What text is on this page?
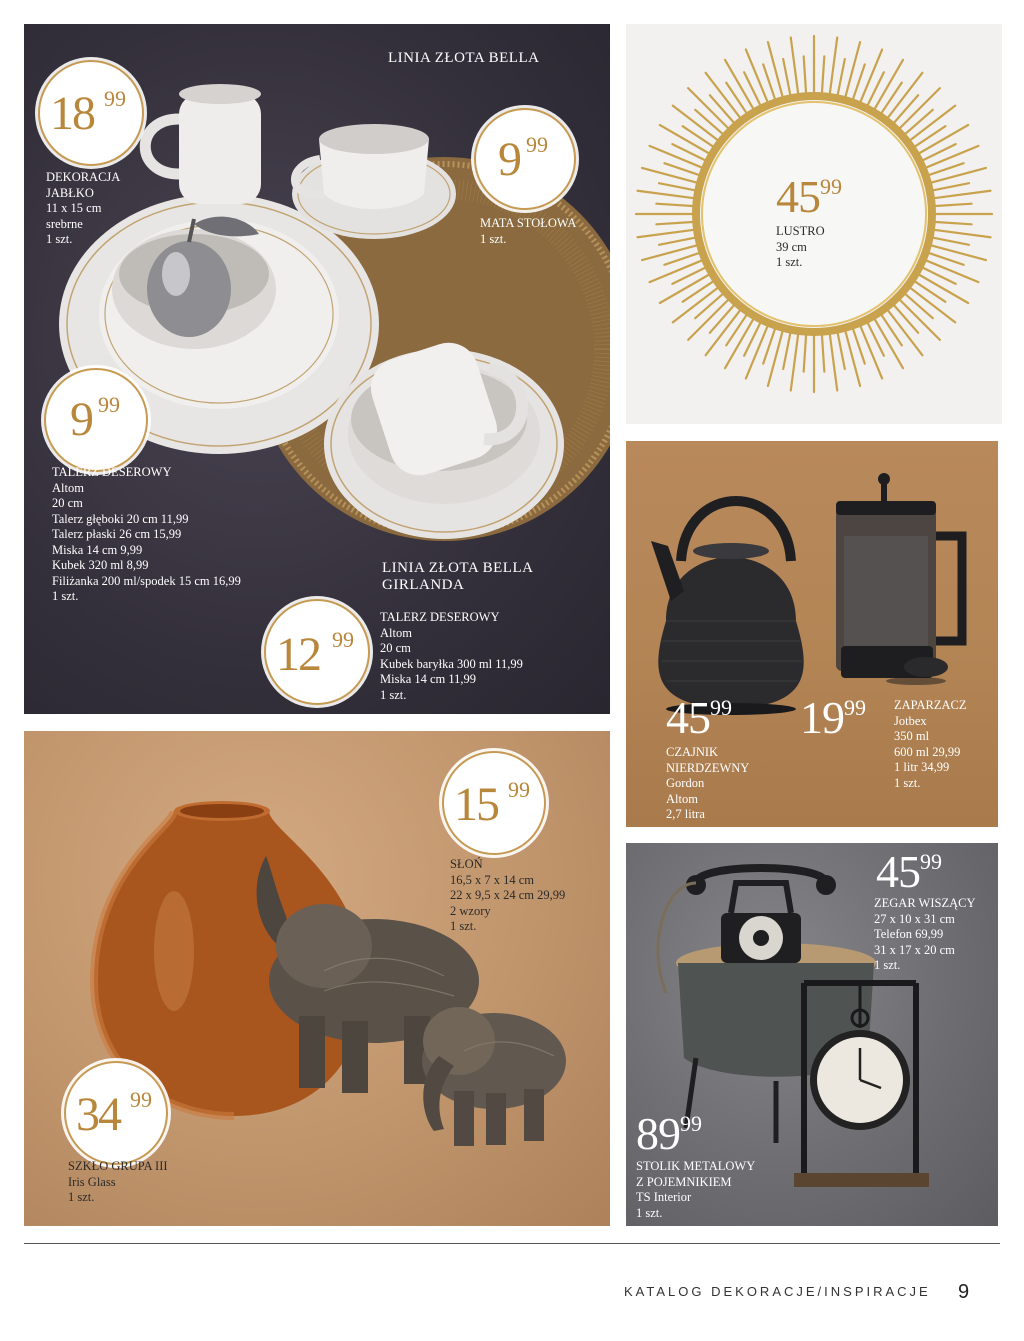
LINIA ZŁOTA BELLA
18 99
DEKORACJA
JABŁKO
11 x 15 cm
srebrne
1 szt.
9 99
MATA STOŁOWA
1 szt.
9 99
TALERZ DESEROWY
Altom
20 cm
Talerz głęboki 20 cm 11,99
Talerz płaski 26 cm 15,99
Miska 14 cm 9,99
Kubek 320 ml 8,99
Filiżanka 200 ml/spodek 15 cm 16,99
1 szt.
LINIA ZŁOTA BELLA
GIRLANDA
12 99
TALERZ DESEROWY
Altom
20 cm
Kubek baryłka 300 ml 11,99
Miska 14 cm 11,99
1 szt.
4599
LUSTRO
39 cm
1 szt.
4599
CZAJNIK
NIERDZEWNY
Gordon
Altom
2,7 litra
1999 ZAPARZACZ
Jotbex
350 ml
600 ml 29,99
1 litr 34,99
1 szt.
15 99
SŁOŃ
16,5 x 7 x 14 cm
22 x 9,5 x 24 cm 29,99
2 wzory
1 szt.
34 99
SZKŁO GRUPA III
Iris Glass
1 szt.
4599
ZEGAR WISZĄCY
27 x 10 x 31 cm
Telefon 69,99
31 x 17 x 20 cm
1 szt.
8999
STOLIK METALOWY
Z POJEMNIKIEM
TS Interior
1 szt.
KATALOG DEKORACJE/INSPIRACJE 9
